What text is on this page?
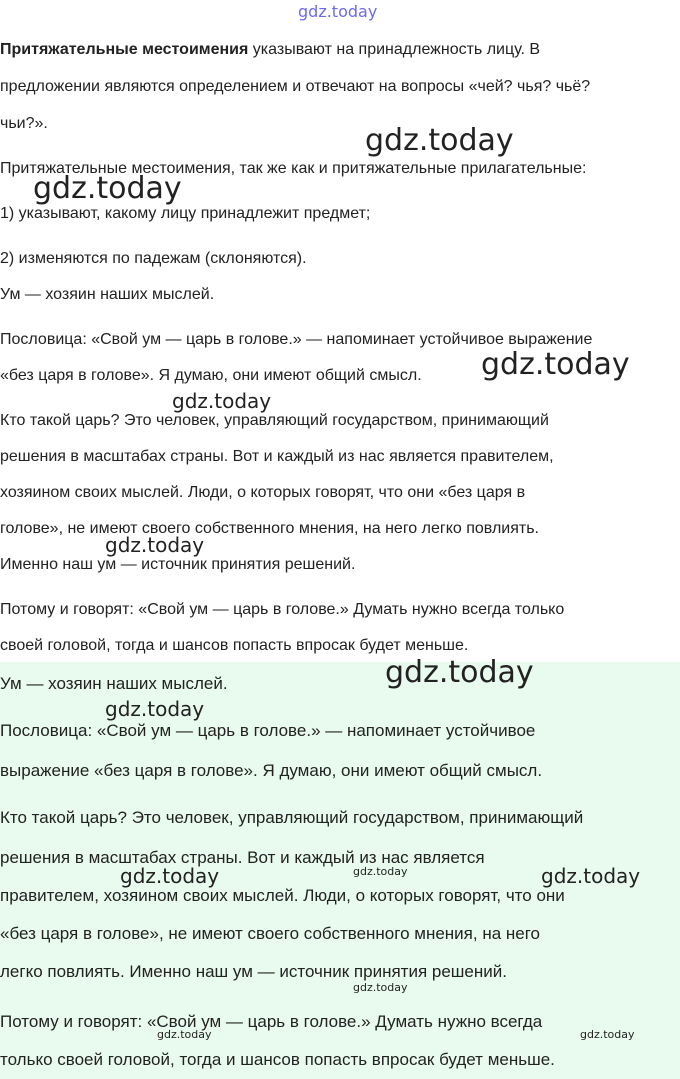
gdz.today
Притяжательные местоимения указывают на принадлежность лицу. В
предложении являются определением и отвечают на вопросы «чей? чья? чьё?
чьи?».
Притяжательные местоимения, так же как и притяжательные прилагательные:
1) указывают, какому лицу принадлежит предмет;
2) изменяются по падежам (склоняются).
Ум — хозяин наших мыслей.
Пословица: «Свой ум — царь в голове.» — напоминает устойчивое выражение
«без царя в голове». Я думаю, они имеют общий смысл.
Кто такой царь? Это человек, управляющий государством, принимающий
решения в масштабах страны. Вот и каждый из нас является правителем,
хозяином своих мыслей. Люди, о которых говорят, что они «без царя в
голове», не имеют своего собственного мнения, на него легко повлиять.
Именно наш ум — источник принятия решений.
Потому и говорят: «Свой ум — царь в голове.» Думать нужно всегда только
своей головой, тогда и шансов попасть впросак будет меньше.
Ум — хозяин наших мыслей.
Пословица: «Свой ум — царь в голове.» — напоминает устойчивое
выражение «без царя в голове». Я думаю, они имеют общий смысл.
Кто такой царь? Это человек, управляющий государством, принимающий
решения в масштабах страны. Вот и каждый из нас является
правителем, хозяином своих мыслей. Люди, о которых говорят, что они
«без царя в голове», не имеют своего собственного мнения, на него
легко повлиять. Именно наш ум — источник принятия решений.
Потому и говорят: «Свой ум — царь в голове.» Думать нужно всегда
только своей головой, тогда и шансов попасть впросак будет меньше.
gdz.today
gdz.today
gdz.today
gdz.today
gdz.today
gdz.today
gdz.today
gdz.today	gdz.today	gdz.today
gdz.today
gdz.today	gdz.today
